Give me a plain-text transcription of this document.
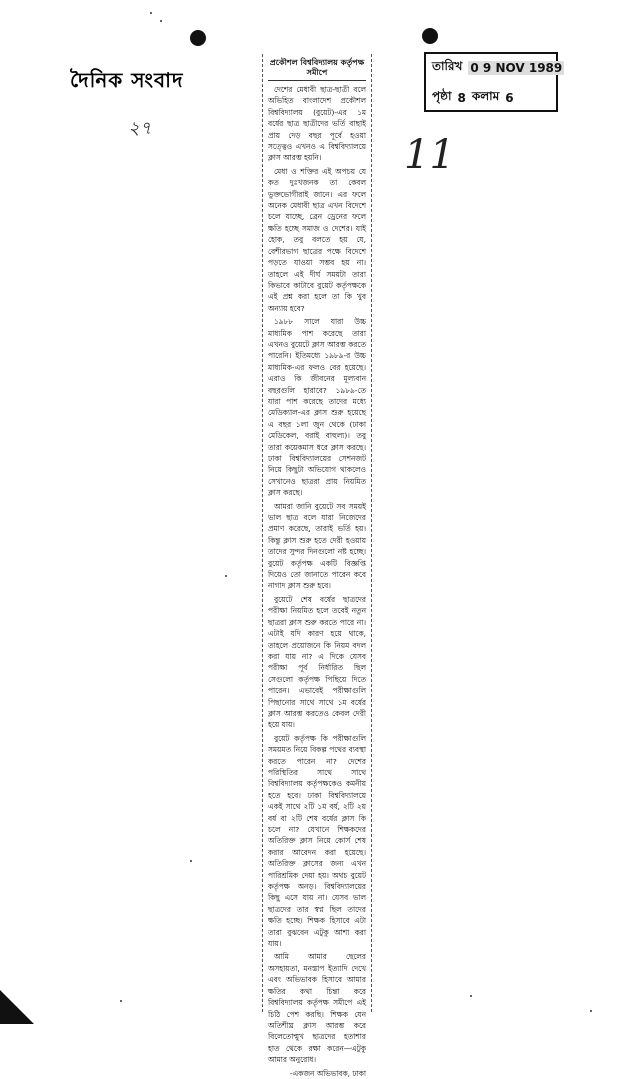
দৈনিক সংবাদ
২৭
11
তারিখ 0 9 NOV 1989
পৃষ্ঠা 8 কলাম 6
প্রকৌশল বিশ্ববিদ্যালয় কর্তৃপক্ষ সমীপে

দেশের মেধাবী ছাত্র-ছাত্রী বলে অভিহিত বাংলাদেশ প্রকৌশল বিশ্ববিদ্যালয় (বুয়েট)-এর ১ম বর্ষের ছাত্র ছাত্রীদের ভর্তি বাছাই প্রায় দেড় বছর পূর্বে হওয়া সত্ত্বেও এখনও এ বিশ্ববিদ্যালয়ে ক্লাস আরম্ভ হয়নি।

মেধা ও শক্তির এই অপচয় যে কত দুঃখজনক তা কেবল ভুক্তভোগীরাই জানে। এর ফলে অনেক মেধাবী ছাত্র এখন বিদেশে চলে যাচ্ছে, ব্রেন ড্রেনের ফলে ক্ষতি হচ্ছে সমাজ ও দেশের। যাই হোক, তবু বলতে হয় যে, বেশীরভাগ ছাত্রের পক্ষে বিদেশে পড়তে যাওয়া সম্ভব হয় না। তাহলে এই দীর্ঘ সময়টা তারা কিভাবে কাটাবে বুয়েট কর্তৃপক্ষকে এই প্রশ্ন করা হলে তা কি খুব অন্যায় হবে?

১৯৮৮ সালে যারা উচ্চ মাধ্যমিক পাশ করেছে তারা এখনও বুয়েটে ক্লাস আরম্ভ করতে পারেনি। ইতিমধ্যে ১৯৮৯-র উচ্চ মাধ্যমিক-এর ফলও বের হয়েছে। এরাও কি জীবনের মূল্যবান বছরগুলি হারাবে? ১৯৮৯-তে যারা পাশ করেছে তাদের মধ্যে মেডিক্যাল-এর ক্লাস শুরু হয়েছে এ বছর ১লা জুন থেকে (ঢাকা মেডিকেল, বরাই বাহুল্য)। তবু তারা কয়েকমাস ধরে ক্লাস করছে। ঢাকা বিশ্ববিদ্যালয়ের সেশনজট নিয়ে কিছুটা অভিযোগ থাকলেও সেখানেও ছাত্ররা প্রায় নিয়মিত ক্লাস করছে।

আমরা জানি বুয়েটে সব সময়ই ভাল ছাত্র বলে যারা নিজেদের প্রমাণ করেছে, তারাই ভর্তি হয়। কিন্তু ক্লাস শুরু হতে দেরী হওয়ায় তাদের সুন্দর দিনগুলো নষ্ট হচ্ছে। বুয়েট কর্তৃপক্ষ একটি বিজ্ঞপ্তি দিয়েও তো জানাতে পারেন কবে নাগাদ ক্লাস শুরু হবে।

বুয়েটে শেষ বর্ষের ছাত্রদের পরীক্ষা নিয়মিত হলে তবেই নতুন ছাত্ররা ক্লাস শুরু করতে পারে না। এটাই যদি কারণ হয়ে থাকে, তাহলে প্রয়োজনে কি নিয়ম বদল করা যায় না? এ দিকে যেসব পরীক্ষা পূর্ব নির্ধারিত ছিল সেগুলো কর্তৃপক্ষ পিছিয়ে দিতে পারেন। এভাবেই পরীক্ষাগুলি পিছানোর সাথে সাথে ১ম বর্ষের ক্লাস আরম্ভ করতেও কেবল দেরী হয়ে যায়।

বুয়েট কর্তৃপক্ষ কি পরীক্ষাগুলি সময়মত নিয়ে বিকল্প পথের ব্যবস্থা করতে পারেন না? দেশের পরিস্থিতির সাথে সাথে বিশ্ববিদ্যালয় কর্তৃপক্ষকেও কমনীয় হতে হবে। ঢাকা বিশ্ববিদ্যালয়ে একই সাথে ২টি ১ম বর্ষ, ২টি ২য় বর্ষ বা ২টি শেষ বর্ষের ক্লাস কি চলে না? যেখানে শিক্ষকদের অতিরিক্ত ক্লাস নিয়ে কোর্স শেষ করার আবেদন করা হয়েছে। অতিরিক্ত ক্লাসের জন্য এখন পারিশ্রমিক দেয়া হয়। অথচ বুয়েট কর্তৃপক্ষ অনড়। বিশ্ববিদ্যালয়ের কিছু এসে যায় না। যেসব ভাল ছাত্রদের তার স্বপ্ন ছিল তাদের ক্ষতি হচ্ছে। শিক্ষক হিসাবে এটা তারা বুঝবেন এটুকু আশা করা যায়।

আমি আমার ছেলের অসহায়তা, মনস্তাপ ইত্যাদি দেখে এবং অভিভাবক হিসাবে আমার ক্ষতির কথা চিন্তা করে বিশ্ববিদ্যালয় কর্তৃপক্ষ সমীপে এই চিঠি পেশ করছি। শিক্ষক যেন অতিশীঘ্র ক্লাস আরম্ভ করে বিলেতোন্মুখ ছাত্রদের হতাশার হাত থেকে রক্ষা করেন—এটুকু আমার অনুরোধ।

-একজন অভিভাবক, ঢাকা
